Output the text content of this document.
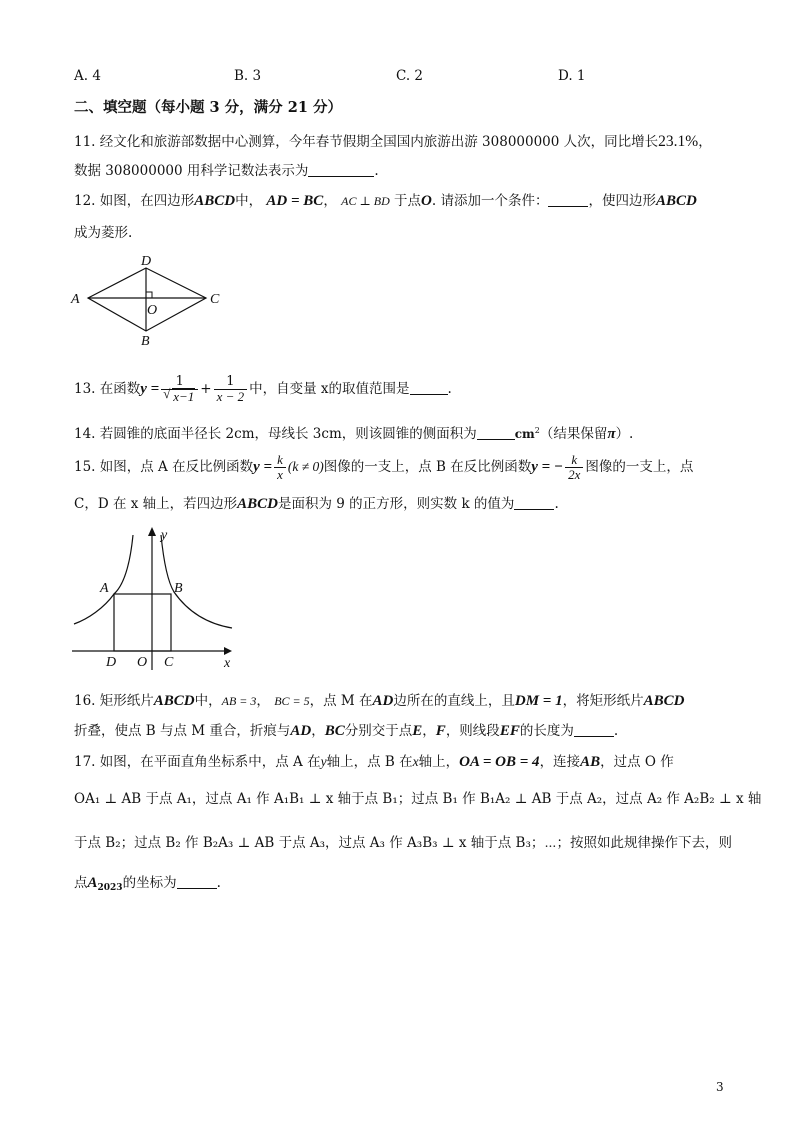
A. 4	B. 3	C. 2	D. 1
二、填空题（每小题 3 分，满分 21 分）
11. 经文化和旅游部数据中心测算，今年春节假期全国国内旅游出游 308000000 人次，同比增长23.1%，
数据 308000000 用科学记数法表示为	.
12. 如图，在四边形ABCD中， AD = BC， AC ⊥ BD 于点O. 请添加一个条件：	，使四边形ABCD
成为菱形.
A	C
D
B
O
13. 在函数y = 1
√ $x-1 + \frac{1}{x - 2}$ 中，自变量 x的取值范围是	.
14. 若圆锥的底面半径长 2cm，母线长 3cm，则该圆锥的侧面积为	$cm^2$（结果保留π）.
15. 如图，点 A 在反比例函数$y = \frac{k}{x} (k \ne 0)$图像的一支上，点 B 在反比例函数y = − $\frac{k}{2x}$ 图像的一支上，点
C，D 在 x 轴上，若四边形ABCD是面积为 9 的正方形，则实数 k 的值为	.
y
x
A	B
D O C
16. 矩形纸片ABCD中，AB = 3， BC = 5，点 M 在AD边所在的直线上，且DM = 1，将矩形纸片ABCD
折叠，使点 B 与点 M 重合，折痕与AD，BC分别交于点E，F，则线段EF的长度为	.
17. 如图，在平面直角坐标系中，点 A 在y轴上，点 B 在x轴上，OA = OB = 4，连接AB，过点 O 作
OA₁ ⊥ AB 于点 A₁，过点 A₁ 作 A₁B₁ ⊥ x 轴于点 B₁；过点 B₁ 作 B₁A₂ ⊥ AB 于点 A₂，过点 A₂ 作 A₂B₂ ⊥ x 轴
于点 B₂；过点 B₂ 作 B₂A₃ ⊥ AB 于点 A₃，过点 A₃ 作 A₃B₃ ⊥ x 轴于点 B₃；⋯；按照如此规律操作下去，则
点$A_{2023}$的坐标为	.
3
